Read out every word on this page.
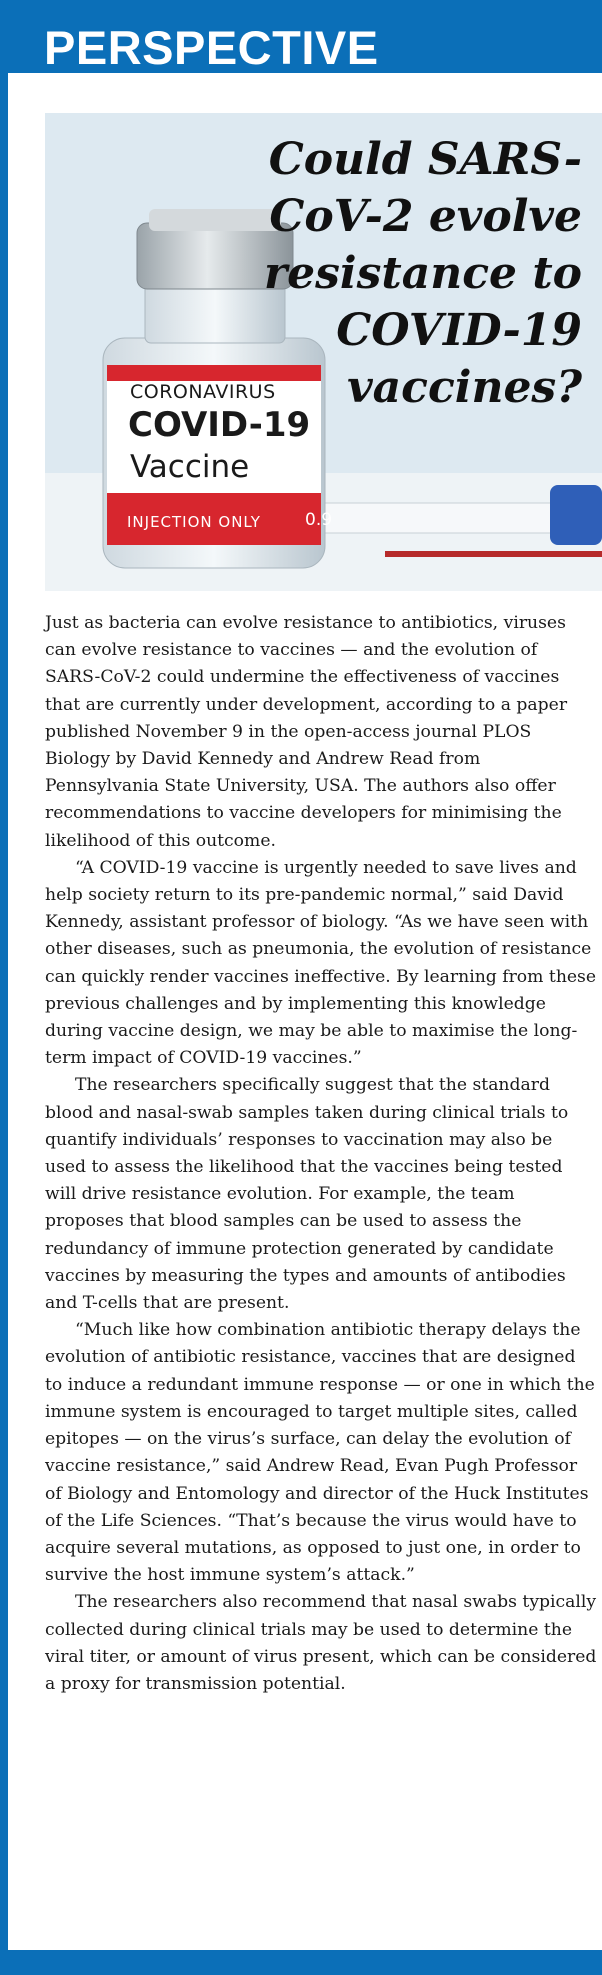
PERSPECTIVE
CORONAVIRUS
COVID-19
Vaccine
INJECTION ONLY	0.9
Could SARS-CoV-2 evolve resistance to COVID-19 vaccines?

Just as bacteria can evolve resistance to antibiotics, viruses can evolve resistance to vaccines — and the evolution of SARS-CoV-2 could undermine the effectiveness of vaccines that are currently under development, according to a paper published November 9 in the open-access journal PLOS Biology by David Kennedy and Andrew Read from Pennsylvania State University, USA. The authors also offer recommendations to vaccine developers for minimising the likelihood of this outcome.

“A COVID-19 vaccine is urgently needed to save lives and help society return to its pre-pandemic normal,” said David Kennedy, assistant professor of biology. “As we have seen with other diseases, such as pneumonia, the evolution of resistance can quickly render vaccines ineffective. By learning from these previous challenges and by implementing this knowledge during vaccine design, we may be able to maximise the long-term impact of COVID-19 vaccines.”

The researchers specifically suggest that the standard blood and nasal-swab samples taken during clinical trials to quantify individuals’ responses to vaccination may also be used to assess the likelihood that the vaccines being tested will drive resistance evolution. For example, the team proposes that blood samples can be used to assess the redundancy of immune protection generated by candidate vaccines by measuring the types and amounts of antibodies and T-cells that are present.

“Much like how combination antibiotic therapy delays the evolution of antibiotic resistance, vaccines that are designed to induce a redundant immune response — or one in which the immune system is encouraged to target multiple sites, called epitopes — on the virus’s surface, can delay the evolution of vaccine resistance,” said Andrew Read, Evan Pugh Professor of Biology and Entomology and director of the Huck Institutes of the Life Sciences. “That’s because the virus would have to acquire several mutations, as opposed to just one, in order to survive the host immune system’s attack.”

The researchers also recommend that nasal swabs typically collected during clinical trials may be used to determine the viral titer, or amount of virus present, which can be considered a proxy for transmission potential.
